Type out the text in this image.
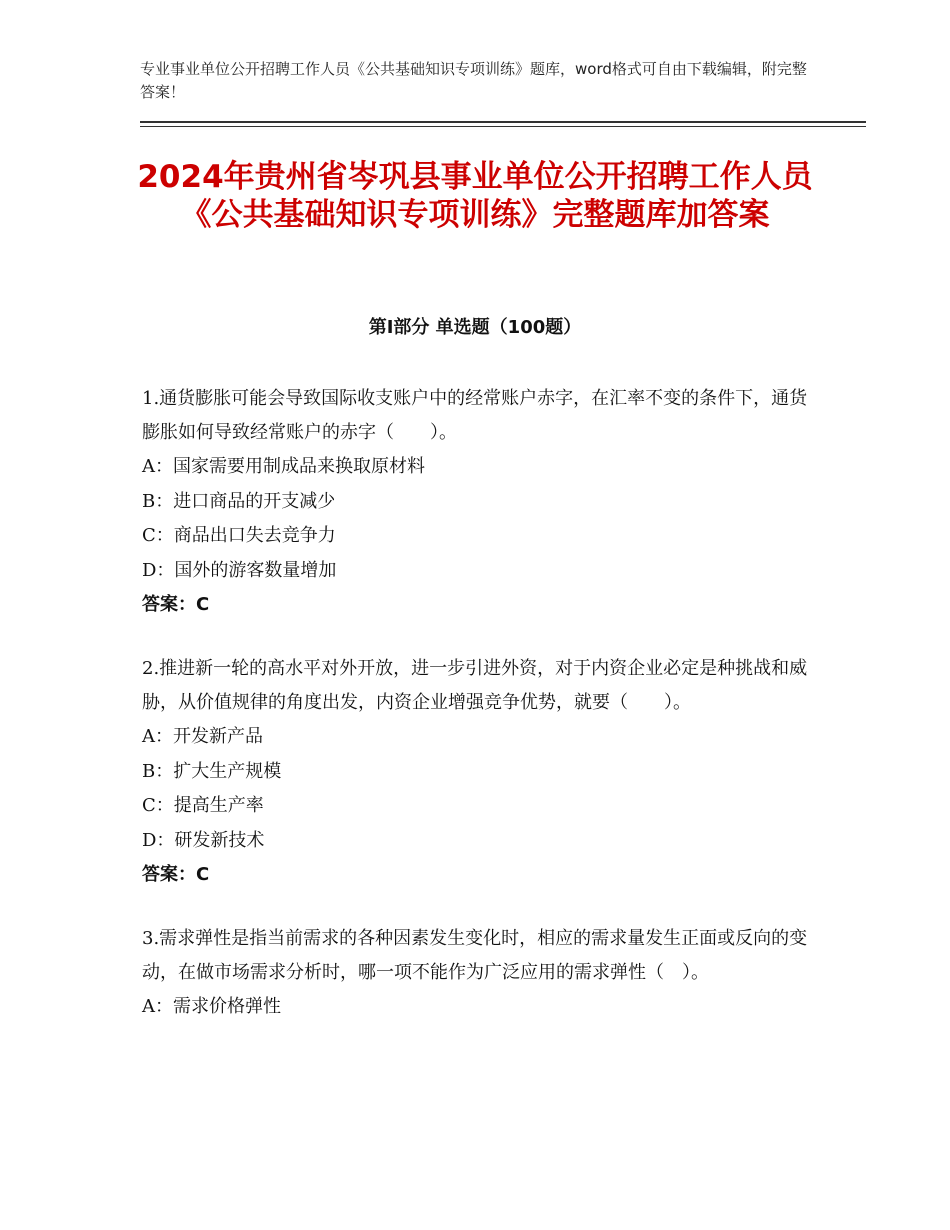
专业事业单位公开招聘工作人员《公共基础知识专项训练》题库，word格式可自由下载编辑，附完整答案！
2024年贵州省岑巩县事业单位公开招聘工作人员《公共基础知识专项训练》完整题库加答案
第Ⅰ部分 单选题（100题）

1.通货膨胀可能会导致国际收支账户中的经常账户赤字，在汇率不变的条件下，通货膨胀如何导致经常账户的赤字（　　）。

A：国家需要用制成品来换取原材料

B：进口商品的开支减少

C：商品出口失去竞争力

D：国外的游客数量增加

答案：C

2.推进新一轮的高水平对外开放，进一步引进外资，对于内资企业必定是种挑战和威胁，从价值规律的角度出发，内资企业增强竞争优势，就要（　　）。

A：开发新产品

B：扩大生产规模

C：提高生产率

D：研发新技术

答案：C

3.需求弹性是指当前需求的各种因素发生变化时，相应的需求量发生正面或反向的变动，在做市场需求分析时，哪一项不能作为广泛应用的需求弹性（　）。

A：需求价格弹性
